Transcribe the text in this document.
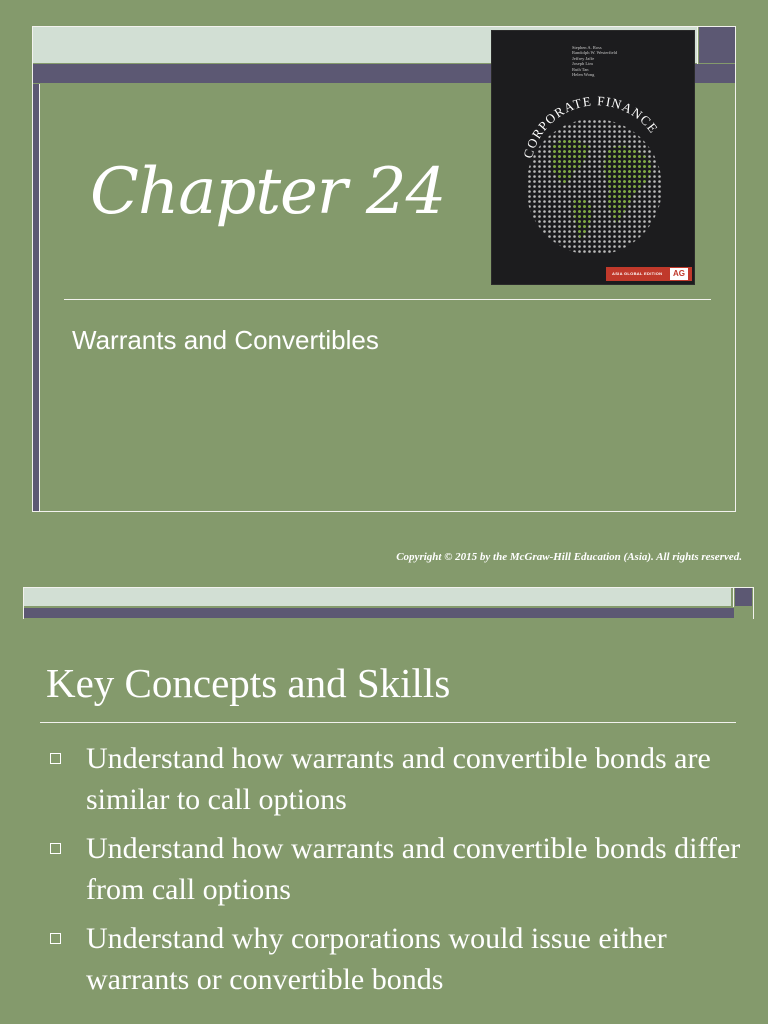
Stephen A. Ross
Randolph W. Westerfield
Jeffrey Jaffe
Joseph Lim
Ruth Tan
Helen Wong
CORPORATE FINANCE
ASIA GLOBAL EDITION	AG
Chapter 24
Warrants and Convertibles
Copyright © 2015 by the McGraw-Hill Education (Asia). All rights reserved.
Key Concepts and Skills
Understand how warrants and convertible bonds are similar to call options
Understand how warrants and convertible bonds differ from call options
Understand why corporations would issue either warrants or convertible bonds
